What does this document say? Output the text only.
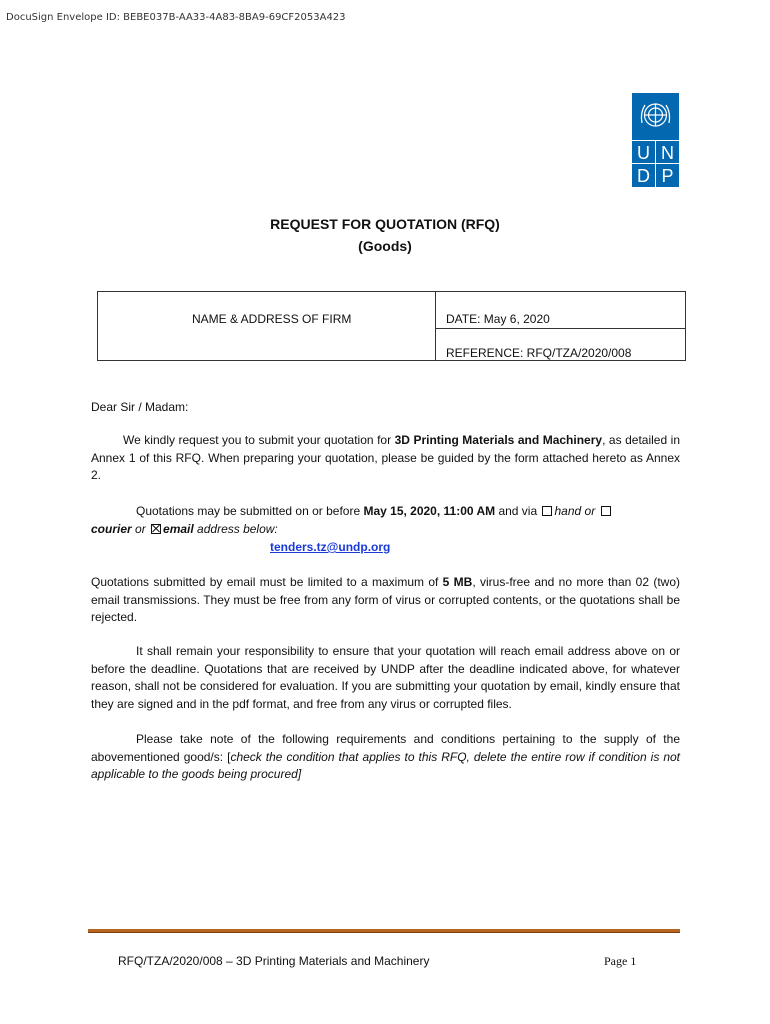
DocuSign Envelope ID: BEBE037B-AA33-4A83-8BA9-69CF2053A423
U N
D P
REQUEST FOR QUOTATION (RFQ)
(Goods)
NAME & ADDRESS OF FIRM	DATE: May 6, 2020
REFERENCE: RFQ/TZA/2020/008
Dear Sir / Madam:
We kindly request you to submit your quotation for 3D Printing Materials and Machinery, as detailed in Annex 1 of this RFQ. When preparing your quotation, please be guided by the form attached hereto as Annex 2.
Quotations may be submitted on or before May 15, 2020, 11:00 AM and via hand or
courier or email address below:
tenders.tz@undp.org
Quotations submitted by email must be limited to a maximum of 5 MB, virus-free and no more than 02 (two) email transmissions. They must be free from any form of virus or corrupted contents, or the quotations shall be rejected.
It shall remain your responsibility to ensure that your quotation will reach email address above on or before the deadline. Quotations that are received by UNDP after the deadline indicated above, for whatever reason, shall not be considered for evaluation. If you are submitting your quotation by email, kindly ensure that they are signed and in the pdf format, and free from any virus or corrupted files.
Please take note of the following requirements and conditions pertaining to the supply of the abovementioned good/s: [check the condition that applies to this RFQ, delete the entire row if condition is not applicable to the goods being procured]
RFQ/TZA/2020/008 – 3D Printing Materials and Machinery	Page 1
